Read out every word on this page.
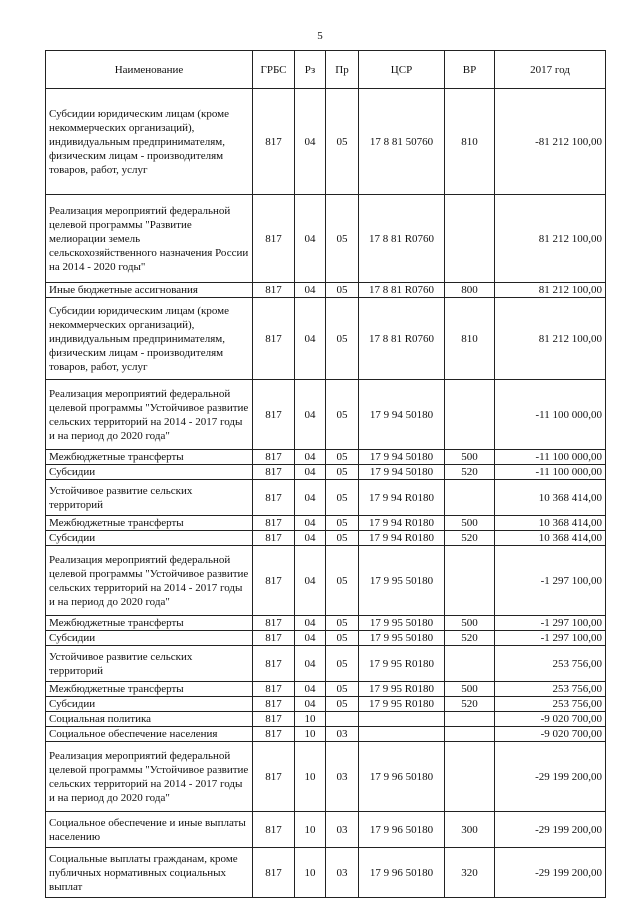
5
Наименование	ГРБС	Рз	Пр	ЦСР	ВР	2017 год
Субсидии юридическим лицам (кроме некоммерческих организаций), индивидуальным предпринимателям, физическим лицам - производителям товаров, работ, услуг	817	04	05	17 8 81 50760	810	-81 212 100,00
Реализация мероприятий федеральной целевой программы "Развитие мелиорации земель сельскохозяйственного назначения России на 2014 - 2020 годы"	817	04	05	17 8 81 R0760		81 212 100,00
Иные бюджетные ассигнования	817	04	05	17 8 81 R0760	800	81 212 100,00
Субсидии юридическим лицам (кроме некоммерческих организаций), индивидуальным предпринимателям, физическим лицам - производителям товаров, работ, услуг	817	04	05	17 8 81 R0760	810	81 212 100,00
Реализация мероприятий федеральной целевой программы "Устойчивое развитие сельских территорий на 2014 - 2017 годы и на период до 2020 года"	817	04	05	17 9 94 50180		-11 100 000,00
Межбюджетные трансферты	817	04	05	17 9 94 50180	500	-11 100 000,00
Субсидии	817	04	05	17 9 94 50180	520	-11 100 000,00
Устойчивое развитие сельских территорий	817	04	05	17 9 94 R0180		10 368 414,00
Межбюджетные трансферты	817	04	05	17 9 94 R0180	500	10 368 414,00
Субсидии	817	04	05	17 9 94 R0180	520	10 368 414,00
Реализация мероприятий федеральной целевой программы "Устойчивое развитие сельских территорий на 2014 - 2017 годы и на период до 2020 года"	817	04	05	17 9 95 50180		-1 297 100,00
Межбюджетные трансферты	817	04	05	17 9 95 50180	500	-1 297 100,00
Субсидии	817	04	05	17 9 95 50180	520	-1 297 100,00
Устойчивое развитие сельских территорий	817	04	05	17 9 95 R0180		253 756,00
Межбюджетные трансферты	817	04	05	17 9 95 R0180	500	253 756,00
Субсидии	817	04	05	17 9 95 R0180	520	253 756,00
Социальная политика	817	10				-9 020 700,00
Социальное обеспечение населения	817	10	03			-9 020 700,00
Реализация мероприятий федеральной целевой программы "Устойчивое развитие сельских территорий на 2014 - 2017 годы и на период до 2020 года"	817	10	03	17 9 96 50180		-29 199 200,00
Социальное обеспечение и иные выплаты населению	817	10	03	17 9 96 50180	300	-29 199 200,00
Социальные выплаты гражданам, кроме публичных нормативных социальных выплат	817	10	03	17 9 96 50180	320	-29 199 200,00
